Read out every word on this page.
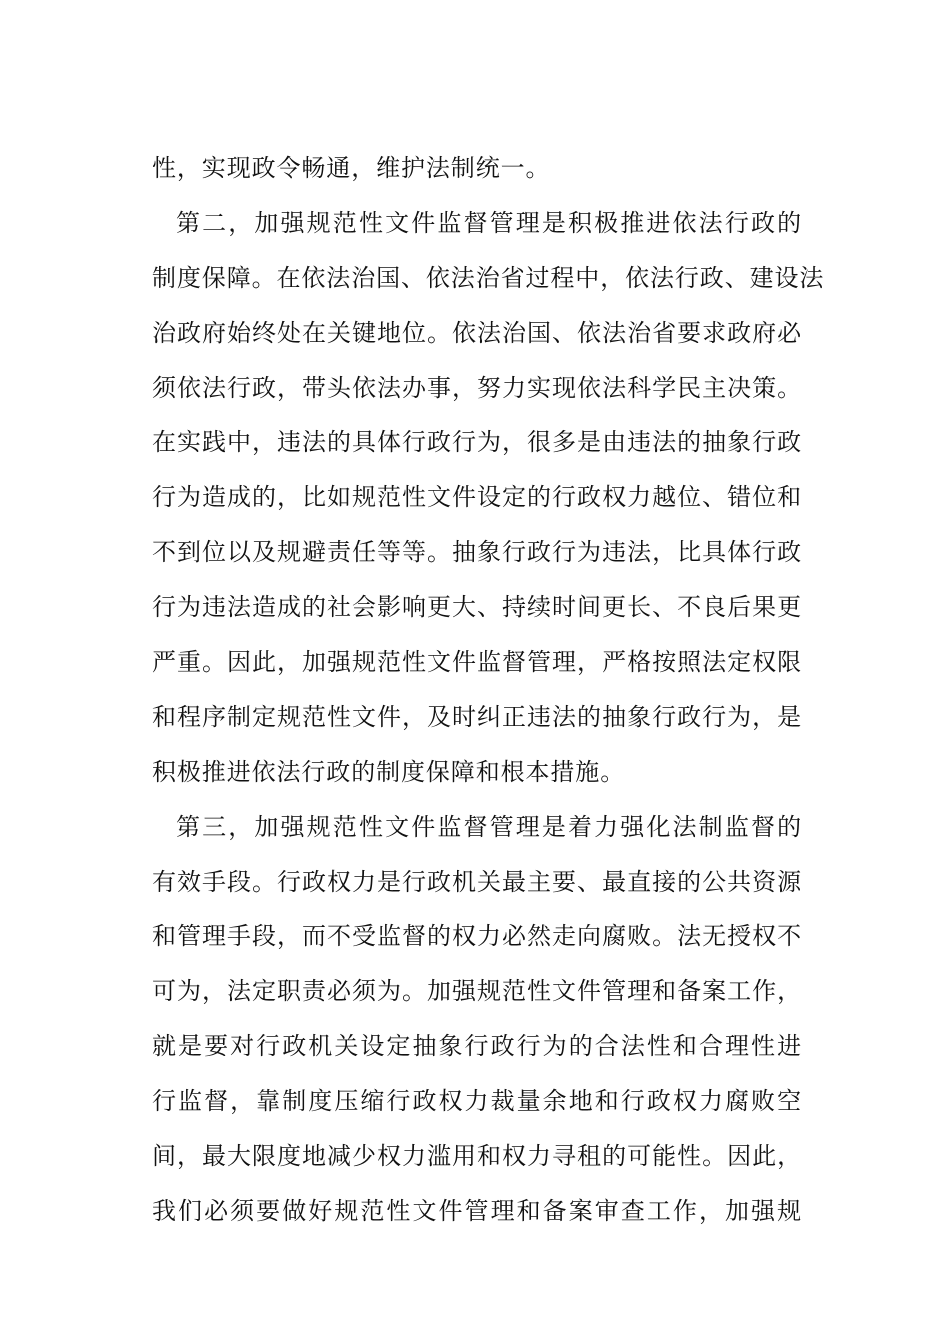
性，实现政令畅通，维护法制统一。
第二，加强规范性文件监督管理是积极推进依法行政的
制度保障。在依法治国、依法治省过程中，依法行政、建设法
治政府始终处在关键地位。依法治国、依法治省要求政府必
须依法行政，带头依法办事，努力实现依法科学民主决策。
在实践中，违法的具体行政行为，很多是由违法的抽象行政
行为造成的，比如规范性文件设定的行政权力越位、错位和
不到位以及规避责任等等。抽象行政行为违法，比具体行政
行为违法造成的社会影响更大、持续时间更长、不良后果更
严重。因此，加强规范性文件监督管理，严格按照法定权限
和程序制定规范性文件，及时纠正违法的抽象行政行为，是
积极推进依法行政的制度保障和根本措施。
第三，加强规范性文件监督管理是着力强化法制监督的
有效手段。行政权力是行政机关最主要、最直接的公共资源
和管理手段，而不受监督的权力必然走向腐败。法无授权不
可为，法定职责必须为。加强规范性文件管理和备案工作，
就是要对行政机关设定抽象行政行为的合法性和合理性进
行监督，靠制度压缩行政权力裁量余地和行政权力腐败空
间，最大限度地减少权力滥用和权力寻租的可能性。因此，
我们必须要做好规范性文件管理和备案审查工作，加强规
